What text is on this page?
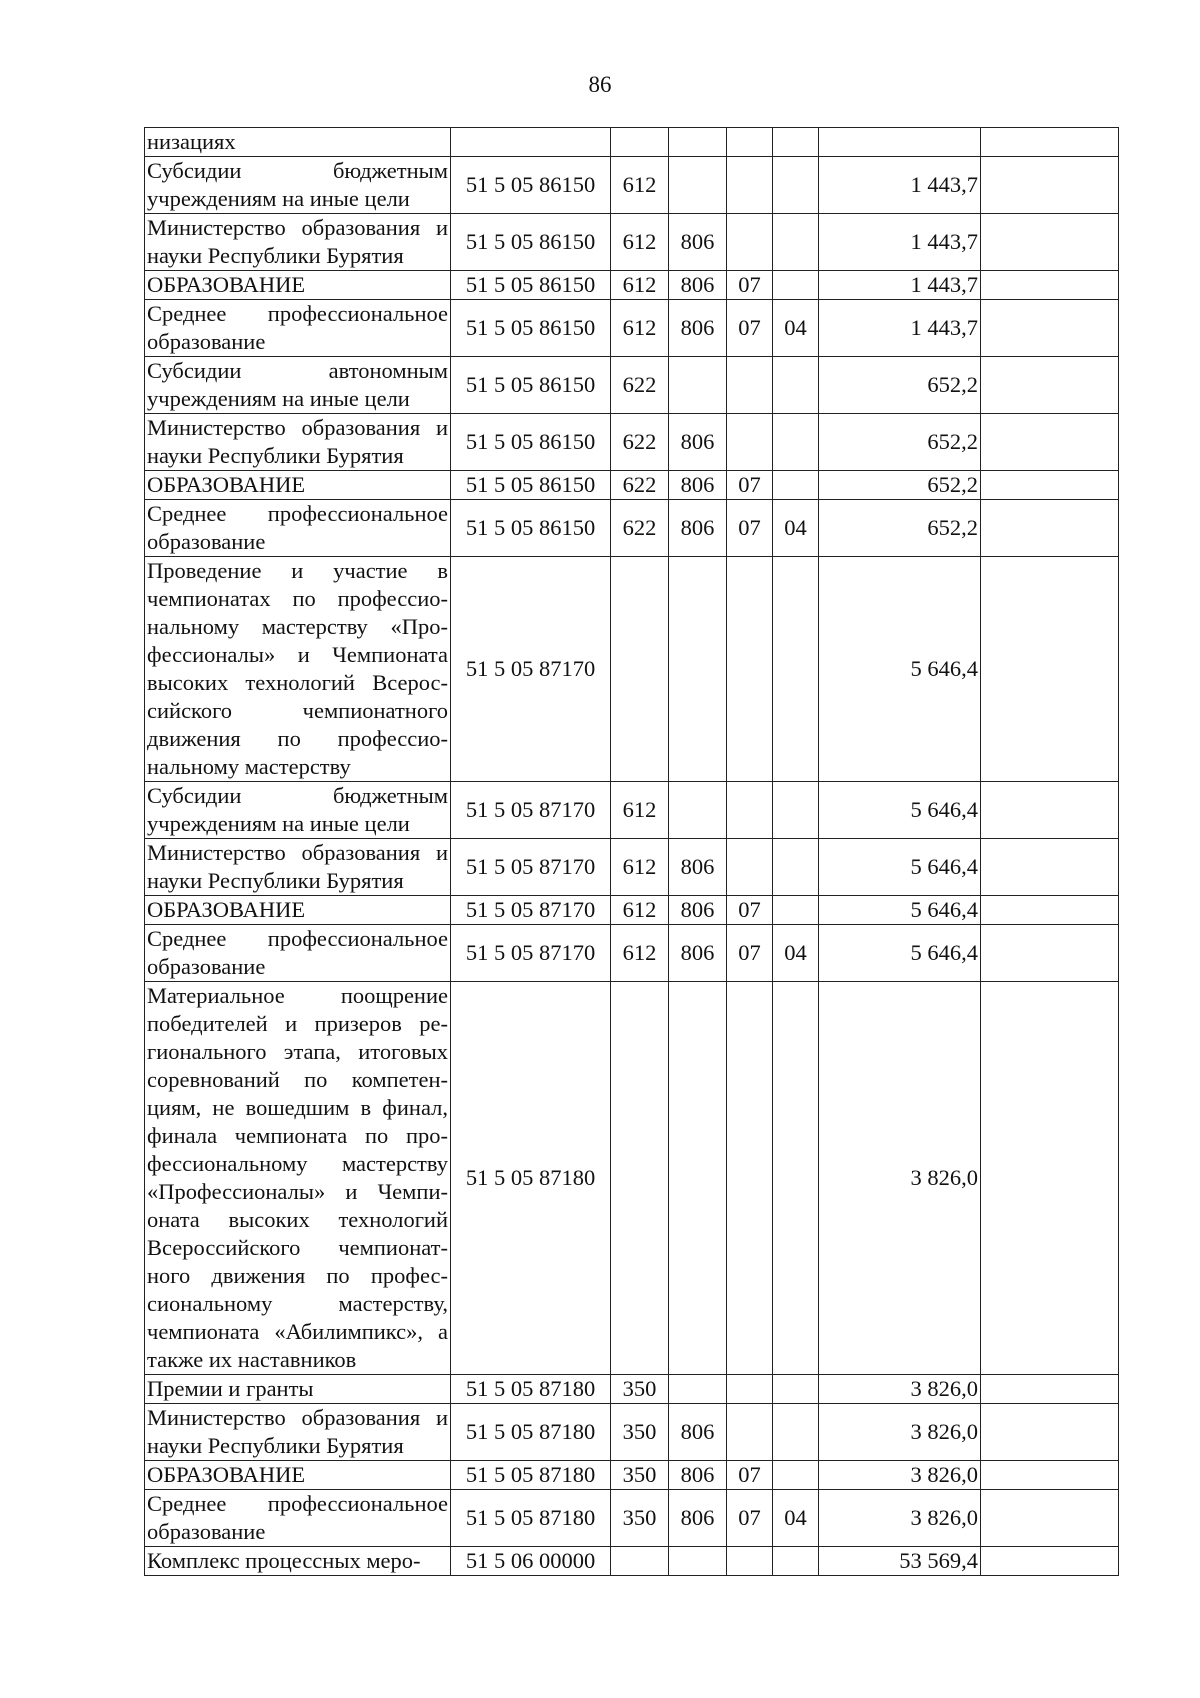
86
низациях							
Субсидии бюджетным учреждениям на иные цели	51 5 05 86150	612				1 443,7	
Министерство образования и науки Республики Бурятия	51 5 05 86150	612	806			1 443,7	
ОБРАЗОВАНИЕ	51 5 05 86150	612	806	07		1 443,7	
Среднее профессиональное образование	51 5 05 86150	612	806	07	04	1 443,7	
Субсидии автономным учреждениям на иные цели	51 5 05 86150	622				652,2	
Министерство образования и науки Республики Бурятия	51 5 05 86150	622	806			652,2	
ОБРАЗОВАНИЕ	51 5 05 86150	622	806	07		652,2	
Среднее профессиональное образование	51 5 05 86150	622	806	07	04	652,2	
Проведение и участие в чемпионатах по профессио-нальному мастерству «Про-фессионалы» и Чемпионата высоких технологий Всерос-сийского чемпионатного движения по профессио-нальному мастерству	51 5 05 87170					5 646,4	
Субсидии бюджетным учреждениям на иные цели	51 5 05 87170	612				5 646,4	
Министерство образования и науки Республики Бурятия	51 5 05 87170	612	806			5 646,4	
ОБРАЗОВАНИЕ	51 5 05 87170	612	806	07		5 646,4	
Среднее профессиональное образование	51 5 05 87170	612	806	07	04	5 646,4	
Материальное поощрение победителей и призеров ре-гионального этапа, итоговых соревнований по компетен-циям, не вошедшим в финал, финала чемпионата по про-фессиональному мастерству «Профессионалы» и Чемпи-оната высоких технологий Всероссийского чемпионат-ного движения по профес-сиональному мастерству, чемпионата «Абилимпикс», а также их наставников	51 5 05 87180					3 826,0	
Премии и гранты	51 5 05 87180	350				3 826,0	
Министерство образования и науки Республики Бурятия	51 5 05 87180	350	806			3 826,0	
ОБРАЗОВАНИЕ	51 5 05 87180	350	806	07		3 826,0	
Среднее профессиональное образование	51 5 05 87180	350	806	07	04	3 826,0	
Комплекс процессных меро-	51 5 06 00000					53 569,4	
